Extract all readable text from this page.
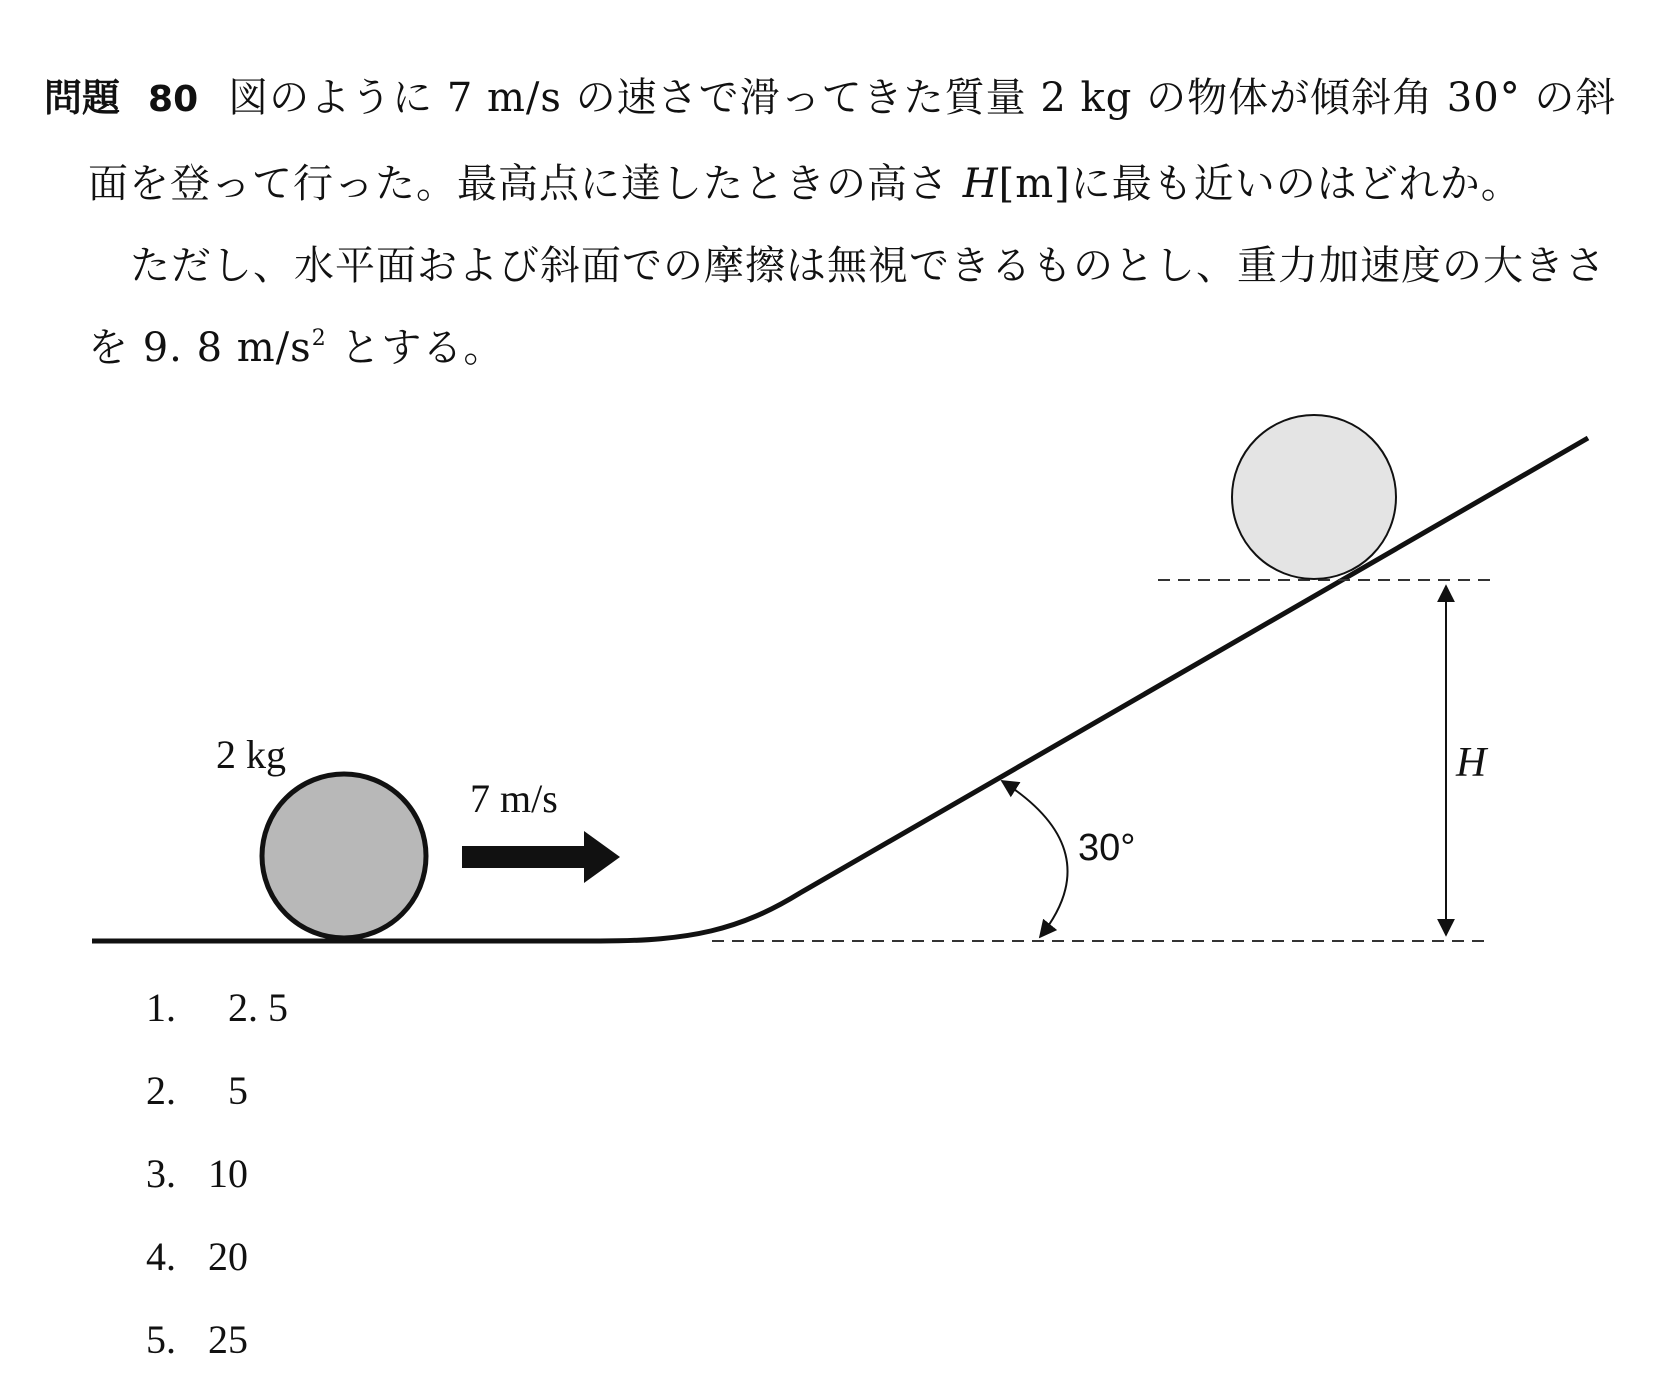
問題 80 図のように 7 m/s の速さで滑ってきた質量 2 kg の物体が傾斜角 30° の斜
面を登って行った。最高点に達したときの高さ H[m]に最も近いのはどれか。
ただし、水平面および斜面での摩擦は無視できるものとし、重力加速度の大きさ
を 9. 8 $m/s^2$ とする。
2 kg
7 m/s
H
30°
1. 2. 5
2. 5
3. 10
4. 20
5. 25
